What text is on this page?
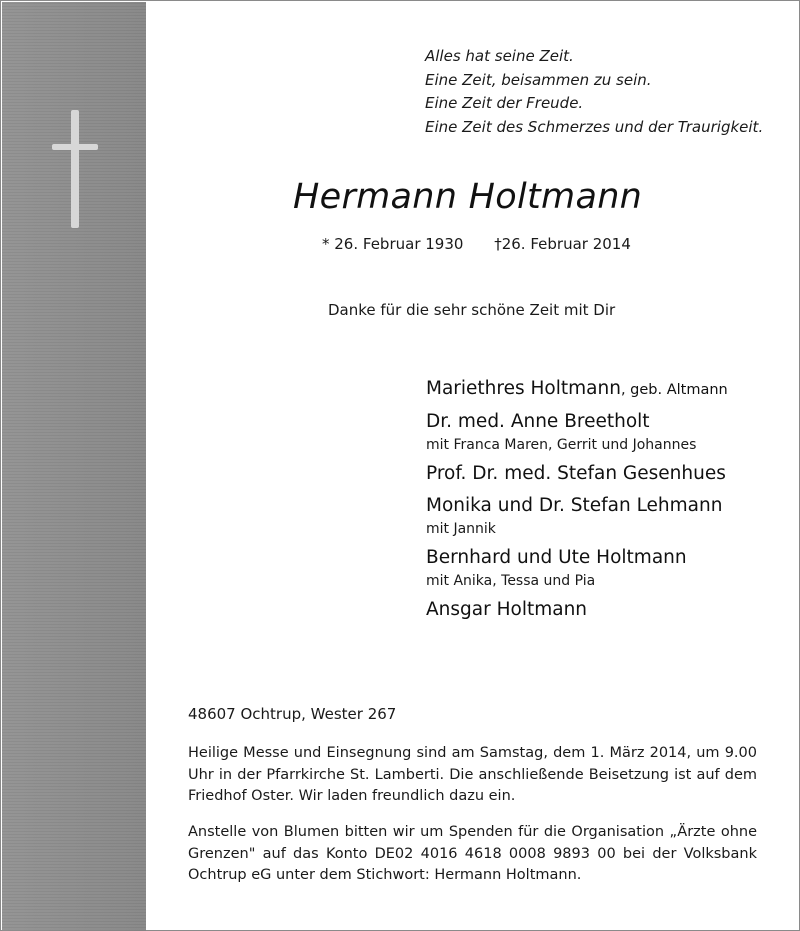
Alles hat seine Zeit.
Eine Zeit, beisammen zu sein.
Eine Zeit der Freude.
Eine Zeit des Schmerzes und der Traurigkeit.
Hermann Holtmann
* 26. Februar 1930 †26. Februar 2014
Danke für die sehr schöne Zeit mit Dir
Mariethres Holtmann, geb. Altmann
Dr. med. Anne Breetholt
mit Franca Maren, Gerrit und Johannes
Prof. Dr. med. Stefan Gesenhues
Monika und Dr. Stefan Lehmann
mit Jannik
Bernhard und Ute Holtmann
mit Anika, Tessa und Pia
Ansgar Holtmann
48607 Ochtrup, Wester 267
Heilige Messe und Einsegnung sind am Samstag, dem 1. März 2014, um 9.00 Uhr in der Pfarrkirche St. Lamberti. Die anschließende Beisetzung ist auf dem Friedhof Oster. Wir laden freundlich dazu ein.
Anstelle von Blumen bitten wir um Spenden für die Organisation „Ärzte ohne Grenzen" auf das Konto DE02 4016 4618 0008 9893 00 bei der Volksbank Ochtrup eG unter dem Stichwort: Hermann Holtmann.
